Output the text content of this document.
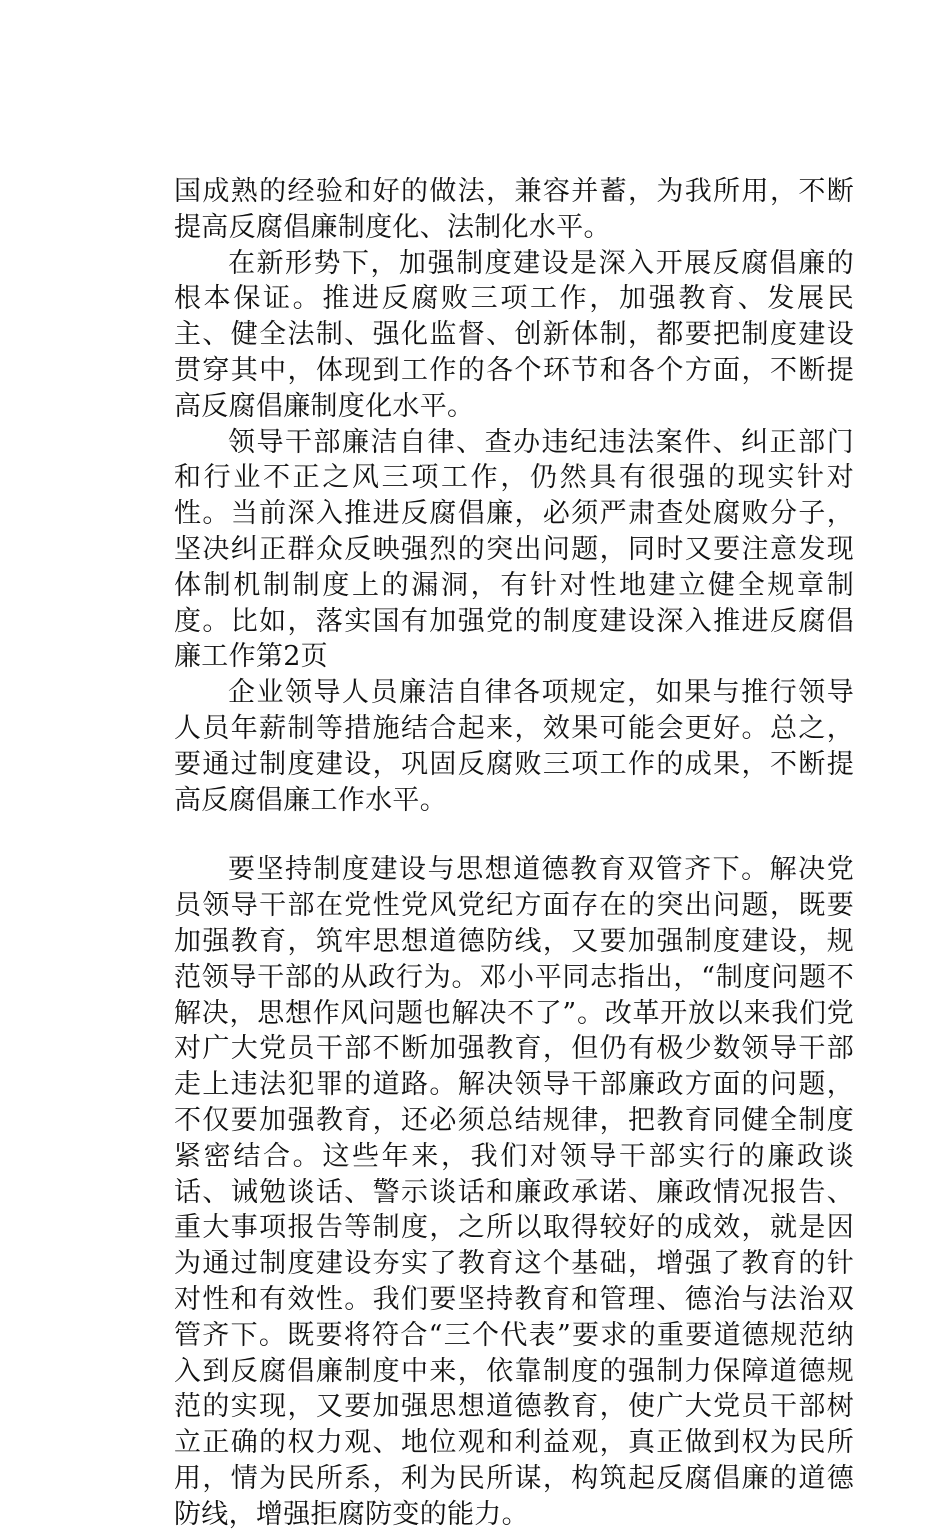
国成熟的经验和好的做法，兼容并蓄，为我所用，不断提高反腐倡廉制度化、法制化水平。

在新形势下，加强制度建设是深入开展反腐倡廉的根本保证。推进反腐败三项工作，加强教育、发展民主、健全法制、强化监督、创新体制，都要把制度建设贯穿其中，体现到工作的各个环节和各个方面，不断提高反腐倡廉制度化水平。

领导干部廉洁自律、查办违纪违法案件、纠正部门和行业不正之风三项工作，仍然具有很强的现实针对性。当前深入推进反腐倡廉，必须严肃查处腐败分子，坚决纠正群众反映强烈的突出问题，同时又要注意发现体制机制制度上的漏洞，有针对性地建立健全规章制度。比如，落实国有加强党的制度建设深入推进反腐倡廉工作第2页

企业领导人员廉洁自律各项规定，如果与推行领导人员年薪制等措施结合起来，效果可能会更好。总之，要通过制度建设，巩固反腐败三项工作的成果，不断提高反腐倡廉工作水平。

要坚持制度建设与思想道德教育双管齐下。解决党员领导干部在党性党风党纪方面存在的突出问题，既要加强教育，筑牢思想道德防线，又要加强制度建设，规范领导干部的从政行为。邓小平同志指出，“制度问题不解决，思想作风问题也解决不了”。改革开放以来我们党对广大党员干部不断加强教育，但仍有极少数领导干部走上违法犯罪的道路。解决领导干部廉政方面的问题，不仅要加强教育，还必须总结规律，把教育同健全制度紧密结合。这些年来，我们对领导干部实行的廉政谈话、诫勉谈话、警示谈话和廉政承诺、廉政情况报告、重大事项报告等制度，之所以取得较好的成效，就是因为通过制度建设夯实了教育这个基础，增强了教育的针对性和有效性。我们要坚持教育和管理、德治与法治双管齐下。既要将符合“三个代表”要求的重要道德规范纳入到反腐倡廉制度中来，依靠制度的强制力保障道德规范的实现，又要加强思想道德教育，使广大党员干部树立正确的权力观、地位观和利益观，真正做到权为民所用，情为民所系，利为民所谋，构筑起反腐倡廉的道德防线，增强拒腐防变的能力。
